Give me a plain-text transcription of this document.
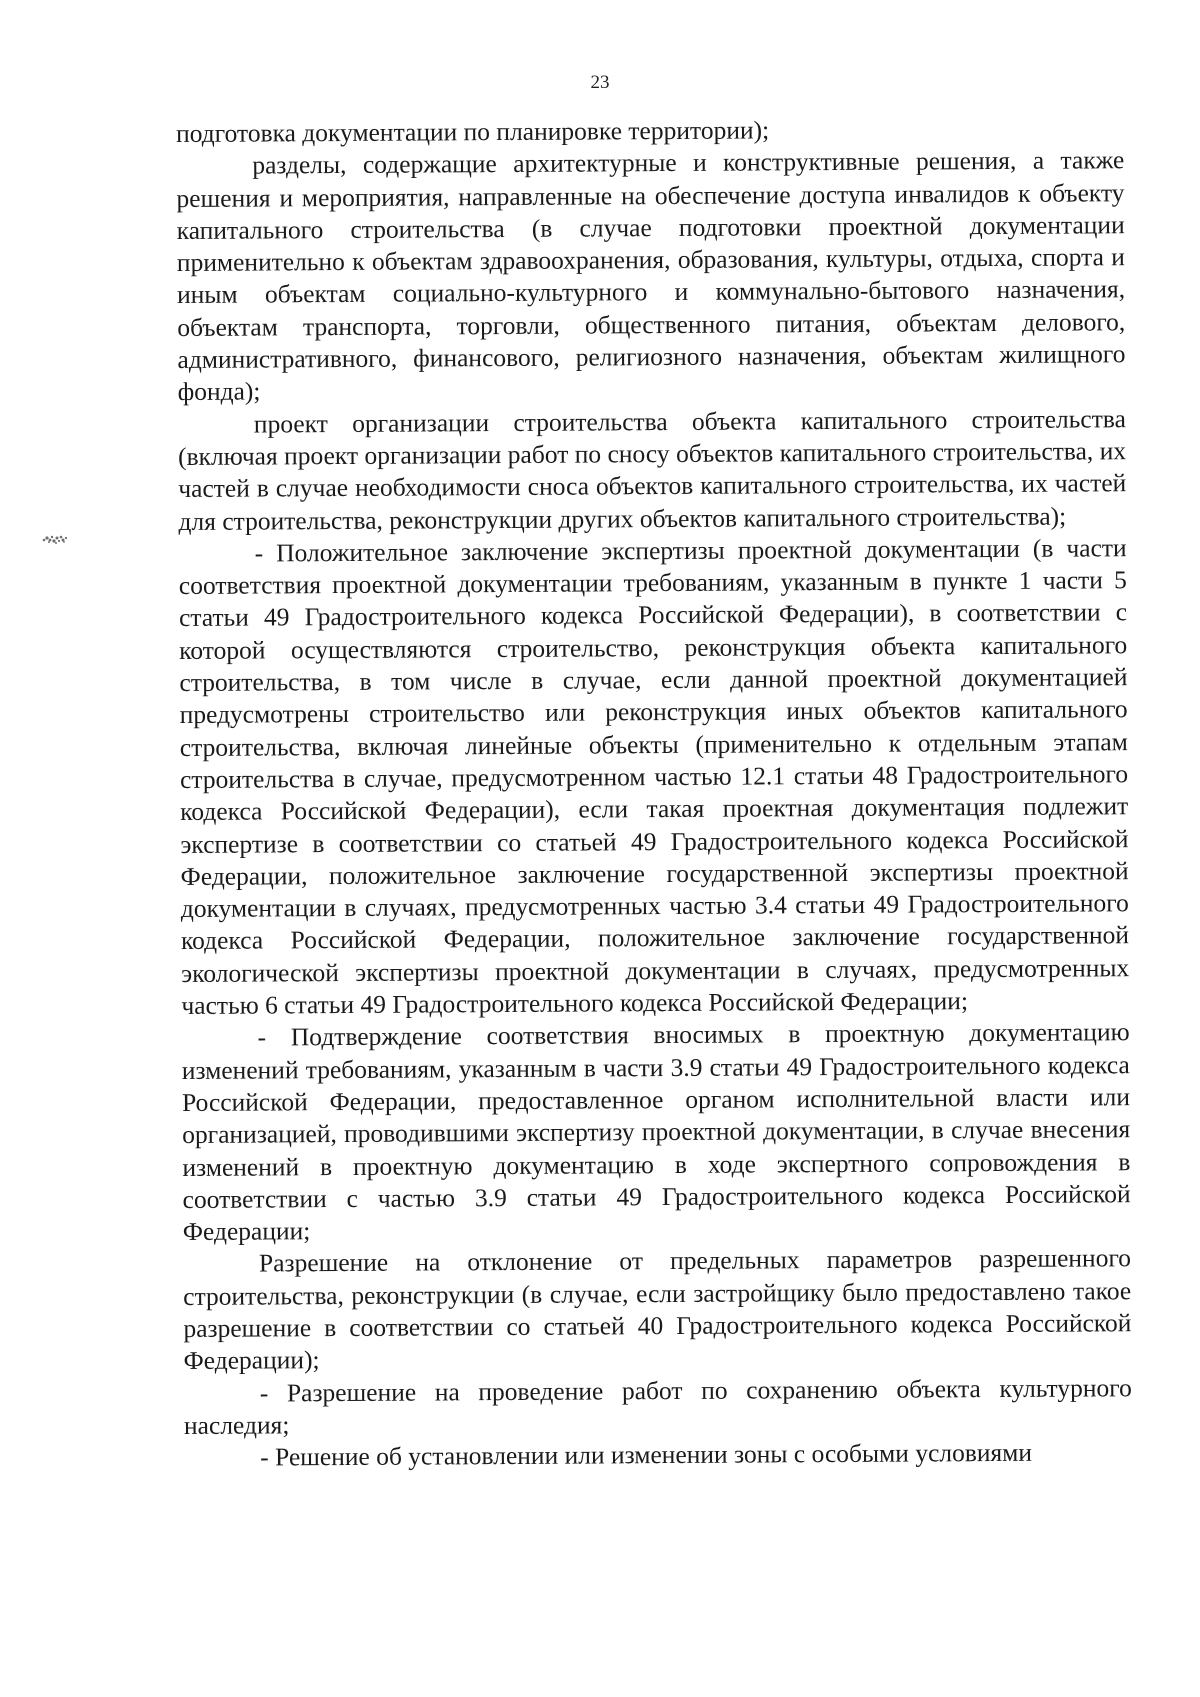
23

подготовка документации по планировке территории);

разделы, содержащие архитектурные и конструктивные решения, а также решения и мероприятия, направленные на обеспечение доступа инвалидов к объекту капитального строительства (в случае подготовки проектной документации применительно к объектам здравоохранения, образования, культуры, отдыха, спорта и иным объектам социально-культурного и коммунально-бытового назначения, объектам транспорта, торговли, общественного питания, объектам делового, административного, финансового, религиозного назначения, объектам жилищного фонда);

проект организации строительства объекта капитального строительства (включая проект организации работ по сносу объектов капитального строительства, их частей в случае необходимости сноса объектов капитального строительства, их частей для строительства, реконструкции других объектов капитального строительства);

- Положительное заключение экспертизы проектной документации (в части соответствия проектной документации требованиям, указанным в пункте 1 части 5 статьи 49 Градостроительного кодекса Российской Федерации), в соответствии с которой осуществляются строительство, реконструкция объекта капитального строительства, в том числе в случае, если данной проектной документацией предусмотрены строительство или реконструкция иных объектов капитального строительства, включая линейные объекты (применительно к отдельным этапам строительства в случае, предусмотренном частью 12.1 статьи 48 Градостроительного кодекса Российской Федерации), если такая проектная документация подлежит экспертизе в соответствии со статьей 49 Градостроительного кодекса Российской Федерации, положительное заключение государственной экспертизы проектной документации в случаях, предусмотренных частью 3.4 статьи 49 Градостроительного кодекса Российской Федерации, положительное заключение государственной экологической экспертизы проектной документации в случаях, предусмотренных частью 6 статьи 49 Градостроительного кодекса Российской Федерации;

- Подтверждение соответствия вносимых в проектную документацию изменений требованиям, указанным в части 3.9 статьи 49 Градостроительного кодекса Российской Федерации, предоставленное органом исполнительной власти или организацией, проводившими экспертизу проектной документации, в случае внесения изменений в проектную документацию в ходе экспертного сопровождения в соответствии с частью 3.9 статьи 49 Градостроительного кодекса Российской Федерации;

Разрешение на отклонение от предельных параметров разрешенного строительства, реконструкции (в случае, если застройщику было предоставлено такое разрешение в соответствии со статьей 40 Градостроительного кодекса Российской Федерации);

- Разрешение на проведение работ по сохранению объекта культурного наследия;

- Решение об установлении или изменении зоны с особыми условиями
